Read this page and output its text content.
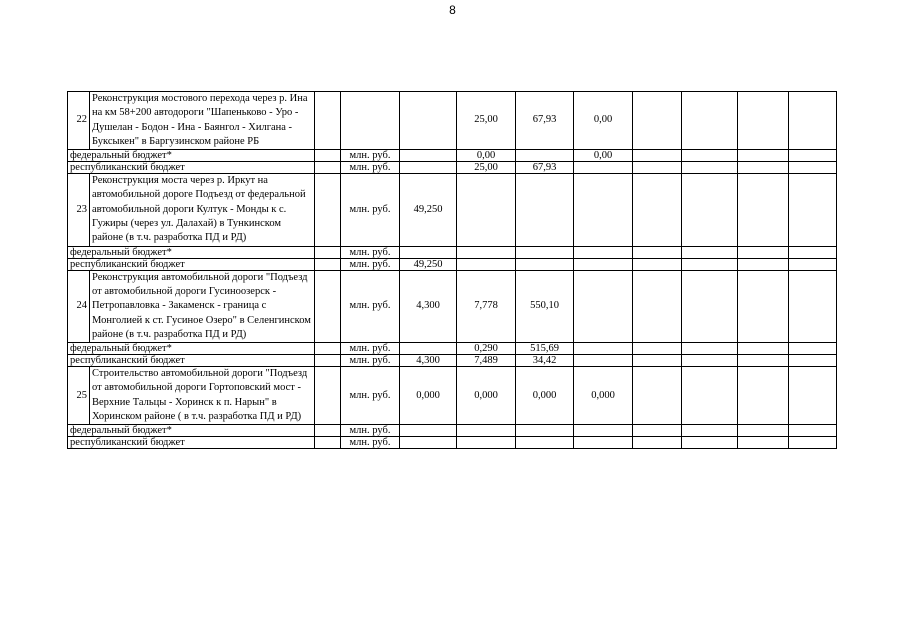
8
22	Реконструкция мостового перехода через р. Ина на км 58+200 автодороги "Шапеньково - Уро - Душелан - Бодон - Ина - Баянгол - Хилгана - Буксыкен" в Баргузинском районе РБ				25,00	67,93	0,00				
федеральный бюджет*			млн. руб.		0,00		0,00				
республиканский бюджет			млн. руб.		25,00	67,93					
23	Реконструкция моста через р. Иркут на автомобильной дороге Подъезд от федеральной автомобильной дороги Култук - Монды к с. Гужиры (через ул. Далахай) в Тункинском районе (в т.ч. разработка ПД и РД)		млн. руб.	49,250							
федеральный бюджет*			млн. руб.								
республиканский бюджет			млн. руб.	49,250							
24	Реконструкция автомобильной дороги "Подъезд от автомобильной дороги Гусиноозерск - Петропавловка - Закаменск - граница с Монголией к ст. Гусиное Озеро" в Селенгинском районе (в т.ч. разработка ПД и РД)		млн. руб.	4,300	7,778	550,10					
федеральный бюджет*			млн. руб.		0,290	515,69					
республиканский бюджет			млн. руб.	4,300	7,489	34,42					
25	Строительство автомобильной дороги "Подъезд от автомобильной дороги Гортоповский мост - Верхние Тальцы - Хоринск к п. Нарын" в Хоринском районе ( в т.ч. разработка ПД и РД)		млн. руб.	0,000	0,000	0,000	0,000				
федеральный бюджет*			млн. руб.								
республиканский бюджет			млн. руб.								
